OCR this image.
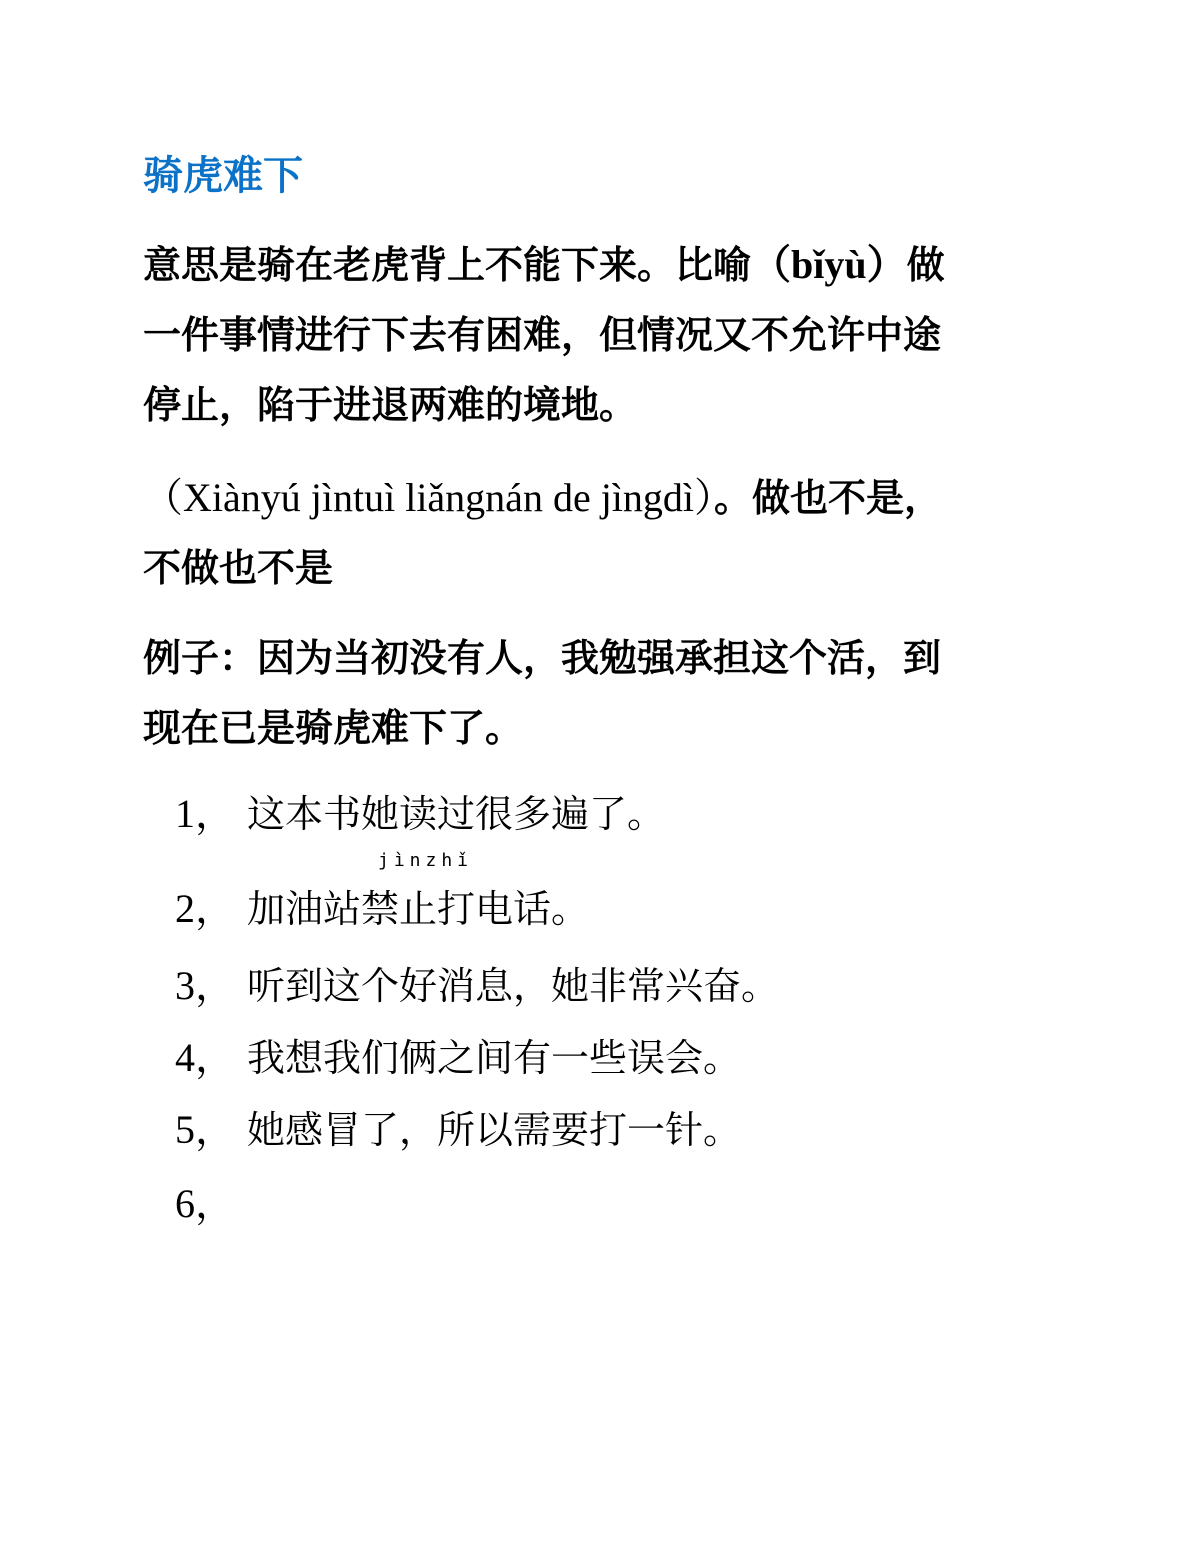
骑虎难下
意思是骑在老虎背上不能下来。比喻（bǐyù）做
一件事情进行下去有困难，但情况又不允许中途
停止，陷于进退两难的境地。
（Xiànyú jìntuì liǎngnán de jìngdì）。做也不是，
不做也不是
例子：因为当初没有人，我勉强承担这个活，到
现在已是骑虎难下了。
1， 这本书她读过很多遍了。
jìnzhǐ
2， 加油站禁止打电话。
3， 听到这个好消息，她非常兴奋。
4， 我想我们俩之间有一些误会。
5， 她感冒了，所以需要打一针。
6，
